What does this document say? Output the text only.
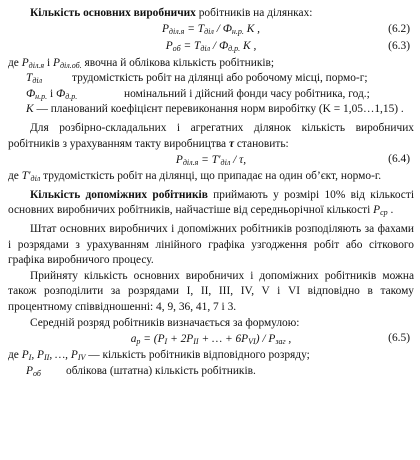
Кількість основних виробничих робітників на ділянках:

$P_{діл.я} = T_{діл} / Ф_{н.р.}$ K ,	(6.2)
$P_{об} = T_{діл} / Ф_{д.р.}$ K ,	(6.3)

де $P_{діл.я}$ і $P_{діл.об.}$ явочна й облікова кількість робітників;

$T_{діл}$	трудомісткість робіт на ділянці або робочому місці, пормо-г;
$Ф_{н.р.}$ і $Ф_{д.р.}$	номінальний і дійсний фонди часу робітника, год.;

K — планований коефіцієнт перевиконання норм виробітку (K = 1,05…1,15) .

Для розбірно-складальних і агрегатних ділянок кількість виробничих робітників з урахуванням такту виробництва τ становить:

$P_{діл.я} = T'_{діл} / \tau$,	(6.4)

де $T'_{діл}$ трудомісткість робіт на ділянці, що припадає на один об’єкт, нормо-г.

Кількість допоміжних робітників приймають у розмірі 10% від кількості основних виробничих робітників, найчастіше від середньорічної кількості $P_{ср}$ .

Штат основних виробничих і допоміжних робітників розподіляють за фахами і розрядами з урахуванням лінійного графіка узгодження робіт або сіткового графіка виробничого процесу.

Прийняту кількість основних виробничих і допоміжних робітників можна також розподілити за розрядами I, II, III, IV, V і VI відповідно в такому процентному співвідношенні: 4, 9, 36, 41, 7 і 3.

Середній розряд робітників визначається за формулою:

$a_р = (P_I + 2P_{II}$ + … + $6P_{VI}) / P_{заг}$ ,	(6.5)

де $P_I$, $P_{II}$, …, $P_{IV}$ — кількість робітників відповідного розряду;

$P_{об}$	облікова (штатна) кількість робітників.
